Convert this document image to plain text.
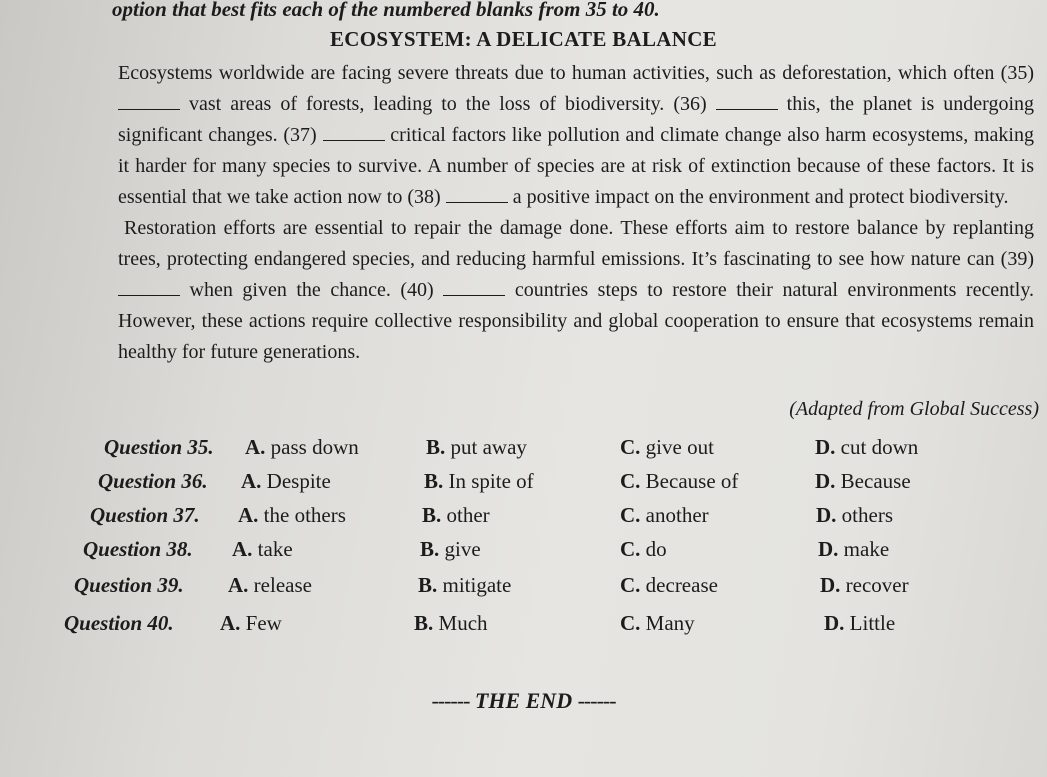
option that best fits each of the numbered blanks from 35 to 40.
ECOSYSTEM: A DELICATE BALANCE

Ecosystems worldwide are facing severe threats due to human activities, such as deforestation, which often (35)  vast areas of forests, leading to the loss of biodiversity. (36)	this, the planet is undergoing significant changes. (37)	critical factors like pollution and climate change also harm ecosystems, making it harder for many species to survive. A number of species are at risk of extinction because of these factors. It is essential that we take action now to (38)	a positive impact on the environment and protect biodiversity.

Restoration efforts are essential to repair the damage done. These efforts aim to restore balance by replanting trees, protecting endangered species, and reducing harmful emissions. It’s fascinating to see how nature can (39)  when given the chance. (40)	countries steps to restore their natural environments recently. However, these actions require collective responsibility and global cooperation to ensure that ecosystems remain healthy for future generations.

(Adapted from Global Success)
Question 35. A. pass down	B. put away	C. give out	D. cut down
Question 36. A. Despite	B. In spite of	C. Because of	D. Because
Question 37. A. the others	B. other	C. another	D. others
Question 38. A. take	B. give	C. do	D. make
Question 39. A. release	B. mitigate	C. decrease	D. recover
Question 40. A. Few	B. Much	C. Many	D. Little
------ THE END ------
